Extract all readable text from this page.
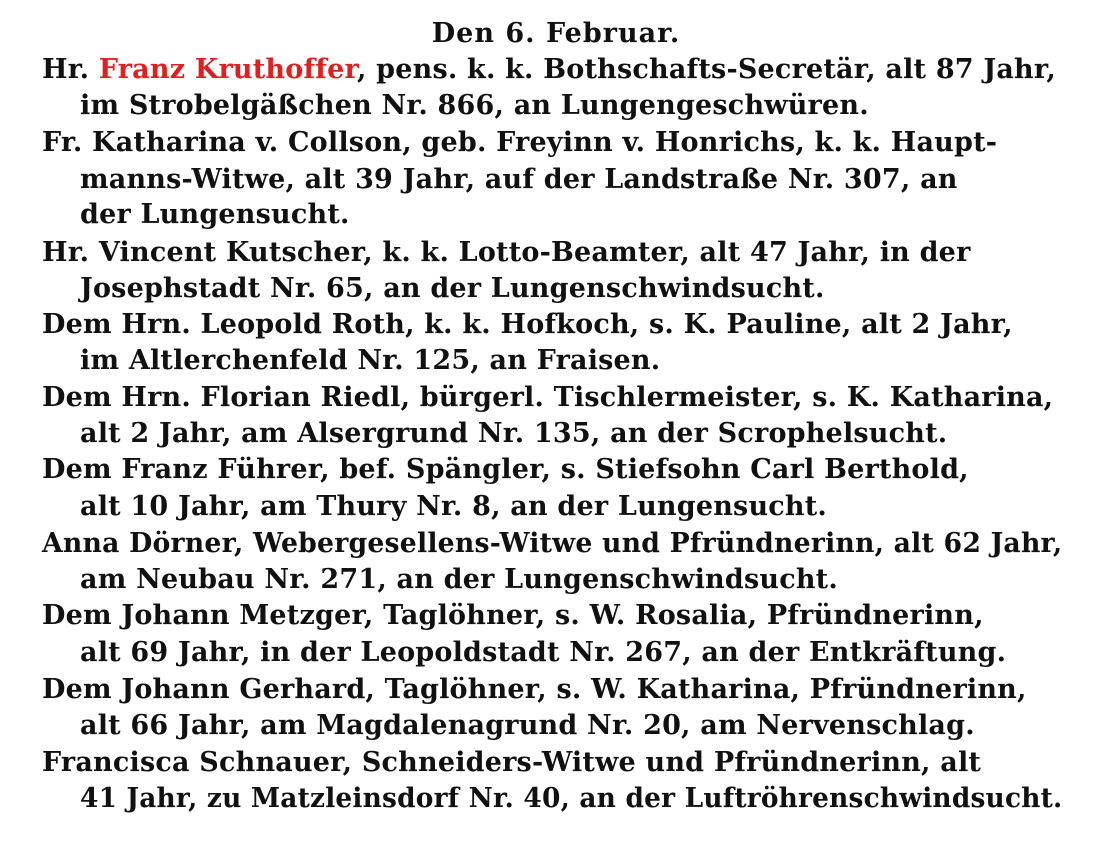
Den 6. Februar.
Hr. Franz Kruthoffer, pens. k. k. Bothschafts-Secretär, alt 87 Jahr,
im Strobelgäßchen Nr. 866, an Lungengeschwüren.
Fr. Katharina v. Collson, geb. Freyinn v. Honrichs, k. k. Haupt-
manns-Witwe, alt 39 Jahr, auf der Landstraße Nr. 307, an
der Lungensucht.
Hr. Vincent Kutscher, k. k. Lotto-Beamter, alt 47 Jahr, in der
Josephstadt Nr. 65, an der Lungenschwindsucht.
Dem Hrn. Leopold Roth, k. k. Hofkoch, s. K. Pauline, alt 2 Jahr,
im Altlerchenfeld Nr. 125, an Fraisen.
Dem Hrn. Florian Riedl, bürgerl. Tischlermeister, s. K. Katharina,
alt 2 Jahr, am Alsergrund Nr. 135, an der Scrophelsucht.
Dem Franz Führer, bef. Spängler, s. Stiefsohn Carl Berthold,
alt 10 Jahr, am Thury Nr. 8, an der Lungensucht.
Anna Dörner, Webergesellens-Witwe und Pfründnerinn, alt 62 Jahr,
am Neubau Nr. 271, an der Lungenschwindsucht.
Dem Johann Metzger, Taglöhner, s. W. Rosalia, Pfründnerinn,
alt 69 Jahr, in der Leopoldstadt Nr. 267, an der Entkräftung.
Dem Johann Gerhard, Taglöhner, s. W. Katharina, Pfründnerinn,
alt 66 Jahr, am Magdalenagrund Nr. 20, am Nervenschlag.
Francisca Schnauer, Schneiders-Witwe und Pfründnerinn, alt
41 Jahr, zu Matzleinsdorf Nr. 40, an der Luftröhrenschwindsucht.
